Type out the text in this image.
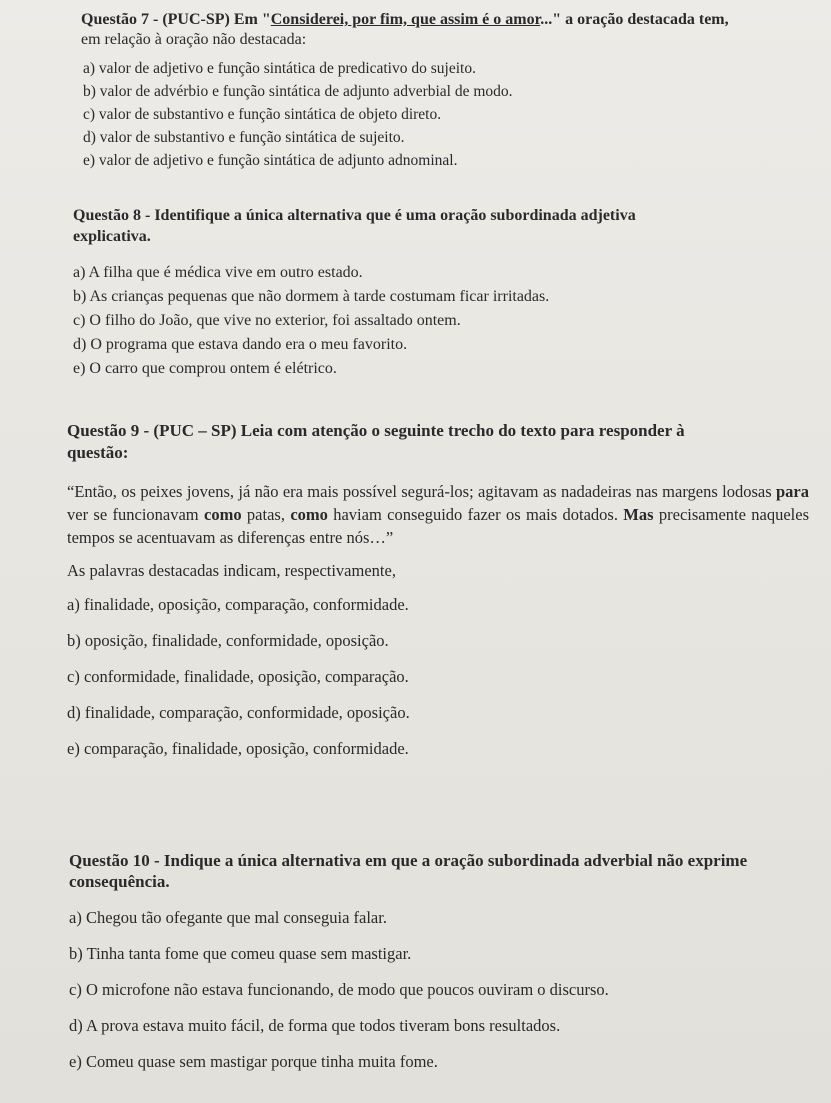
Questão 7 - (PUC-SP) Em "Considerei, por fim, que assim é o amor..." a oração destacada tem,
em relação à oração não destacada:

a) valor de adjetivo e função sintática de predicativo do sujeito.

b) valor de advérbio e função sintática de adjunto adverbial de modo.

c) valor de substantivo e função sintática de objeto direto.

d) valor de substantivo e função sintática de sujeito.

e) valor de adjetivo e função sintática de adjunto adnominal.

Questão 8 - Identifique a única alternativa que é uma oração subordinada adjetiva
explicativa.

a) A filha que é médica vive em outro estado.

b) As crianças pequenas que não dormem à tarde costumam ficar irritadas.

c) O filho do João, que vive no exterior, foi assaltado ontem.

d) O programa que estava dando era o meu favorito.

e) O carro que comprou ontem é elétrico.

Questão 9 - (PUC – SP) Leia com atenção o seguinte trecho do texto para responder à
questão:

“Então, os peixes jovens, já não era mais possível segurá-los; agitavam as nadadeiras nas margens lodosas para ver se funcionavam como patas, como haviam conseguido fazer os mais dotados. Mas precisamente naqueles tempos se acentuavam as diferenças entre nós…”

As palavras destacadas indicam, respectivamente,

a) finalidade, oposição, comparação, conformidade.

b) oposição, finalidade, conformidade, oposição.

c) conformidade, finalidade, oposição, comparação.

d) finalidade, comparação, conformidade, oposição.

e) comparação, finalidade, oposição, conformidade.

Questão 10 - Indique a única alternativa em que a oração subordinada adverbial não exprime
consequência.

a) Chegou tão ofegante que mal conseguia falar.

b) Tinha tanta fome que comeu quase sem mastigar.

c) O microfone não estava funcionando, de modo que poucos ouviram o discurso.

d) A prova estava muito fácil, de forma que todos tiveram bons resultados.

e) Comeu quase sem mastigar porque tinha muita fome.
